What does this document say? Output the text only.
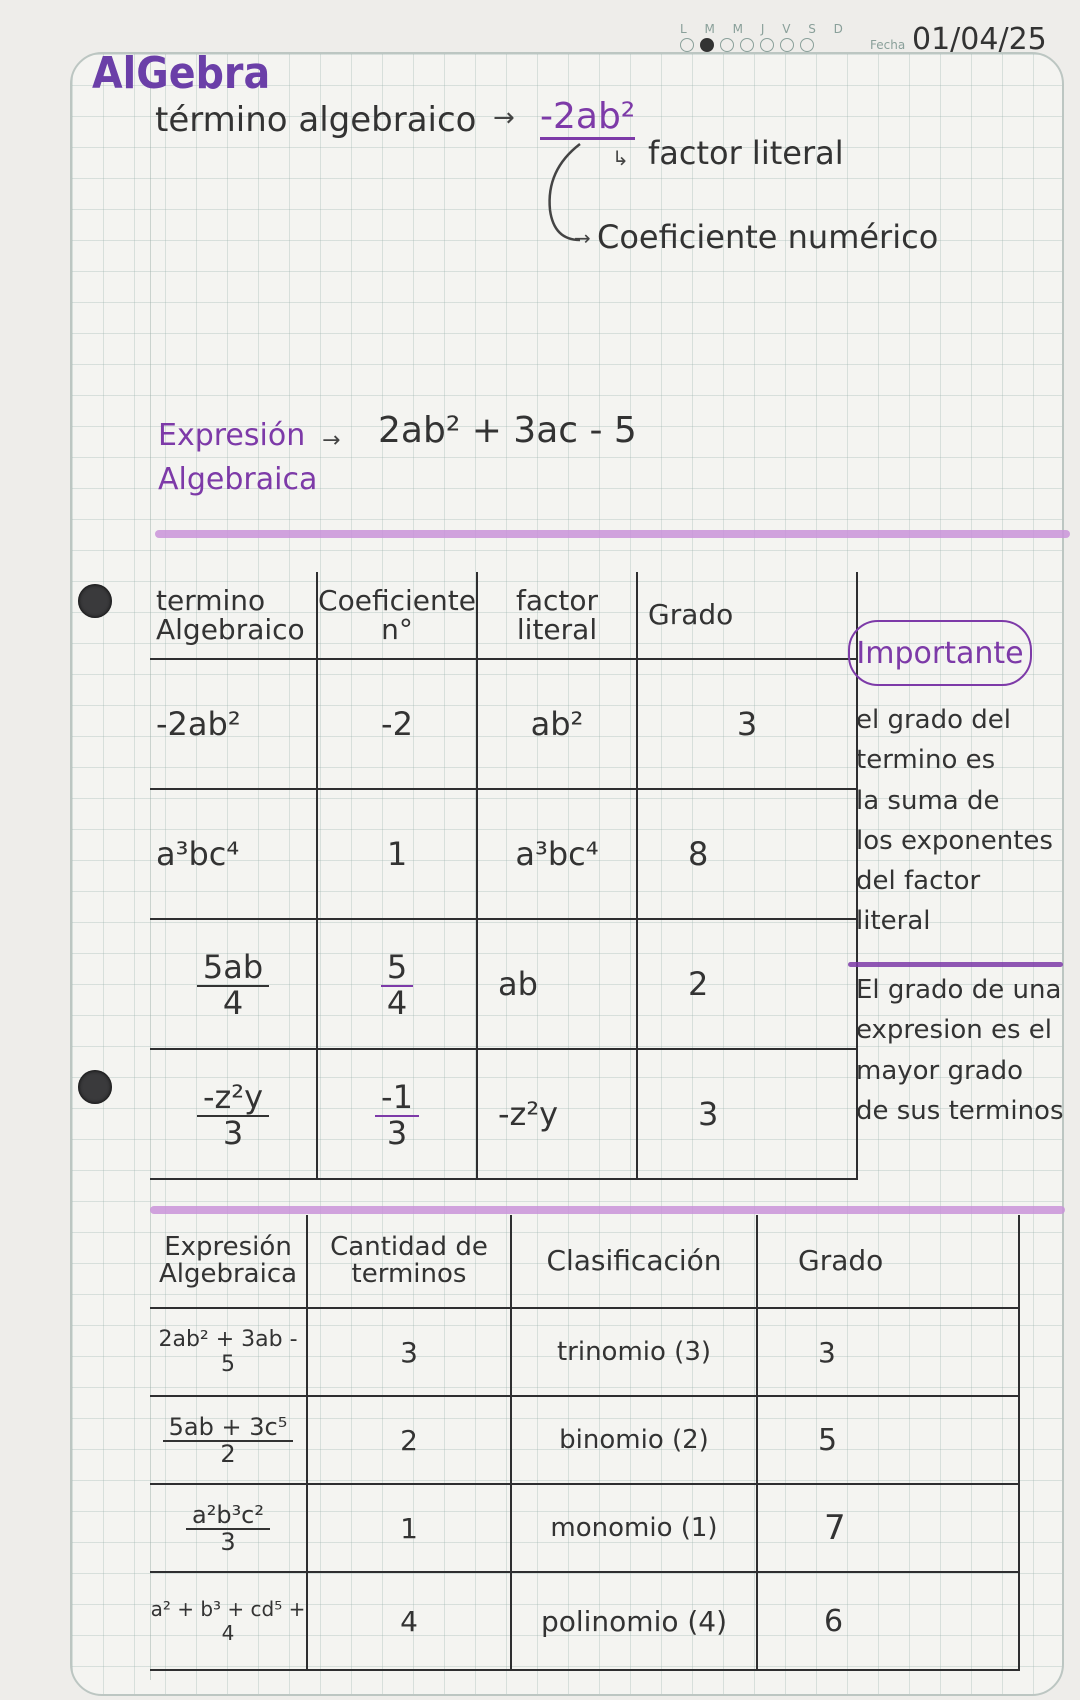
AlGebra
L M M J V S D
Fecha 01/04/25
término algebraico → -2ab²
↳ factor literal
→ Coeficiente numérico
Expresión
Algebraica
→ 2ab² + 3ac - 5
termino Algebraico	Coeficiente n°	factor literal	Grado
-2ab²	-2	ab²	3
a³bc⁴	1	a³bc⁴	8

$\frac{5ab}{4}$	$\frac{5}{4}$	ab	2

$\frac{\text{-z²y}}{3}$	$\frac{-1}{3}$	-z²y	3
Importante
el grado del
termino es
la suma de
los exponentes
del factor
literal
El grado de una
expresion es el
mayor grado
de sus terminos
Expresión Algebraica	Cantidad de terminos	Clasificación	Grado
2ab² + 3ab - 5	3	trinomio (3)	3

$\frac{\text{5ab + 3c⁵}}{2}$	2	binomio (2)	5

$\frac{\text{a²b³c²}}{3}$	1	monomio (1)	7
a² + b³ + cd⁵ + 4	4	polinomio (4)	6
